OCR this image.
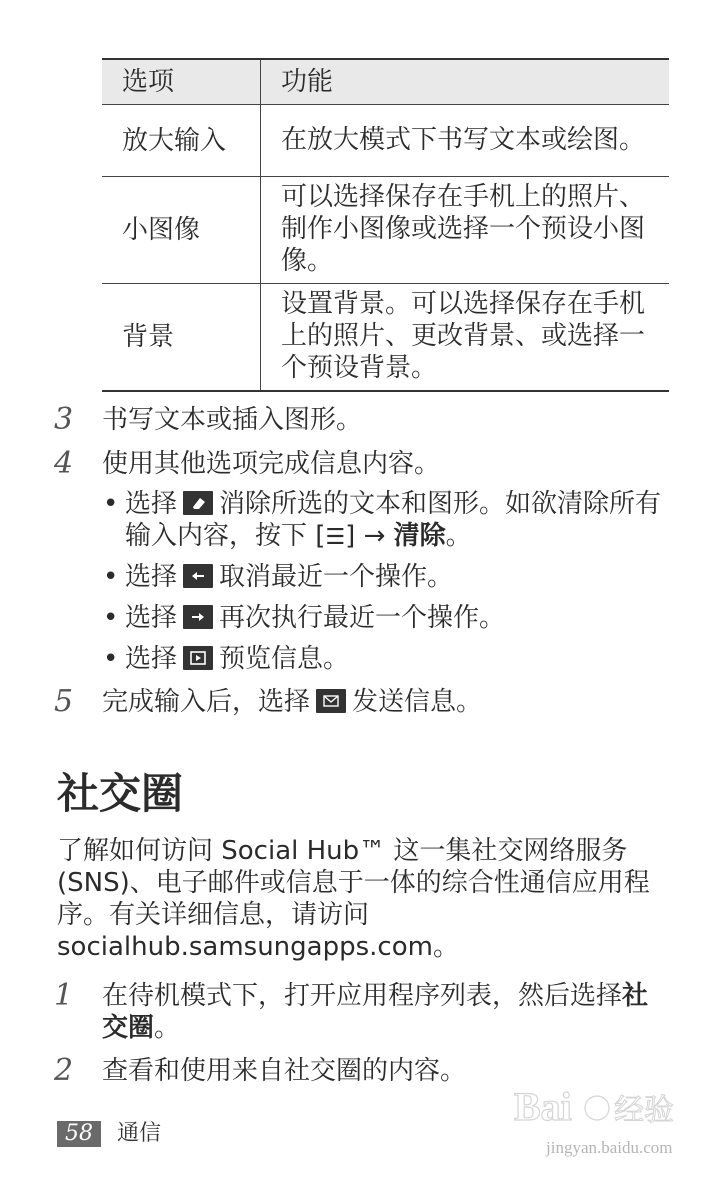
选项	功能
放大输入	在放大模式下书写文本或绘图。
小图像	可以选择保存在手机上的照片、制作小图像或选择一个预设小图像。
背景	设置背景。可以选择保存在手机上的照片、更改背景、或选择一个预设背景。
3	书写文本或插入图形。
4	使用其他选项完成信息内容。
• 选择 消除所选的文本和图形。如欲清除所有输入内容，按下 [☰] → 清除。
• 选择 取消最近一个操作。
• 选择 再次执行最近一个操作。
• 选择 预览信息。
5	完成输入后，选择 发送信息。
社交圈
了解如何访问 Social Hub™ 这一集社交网络服务 (SNS)、电子邮件或信息于一体的综合性通信应用程序。有关详细信息，请访问 socialhub.samsungapps.com。
1	在待机模式下，打开应用程序列表，然后选择社交圈。
2	查看和使用来自社交圈的内容。
58	通信
Bai 经验
jingyan.baidu.com
